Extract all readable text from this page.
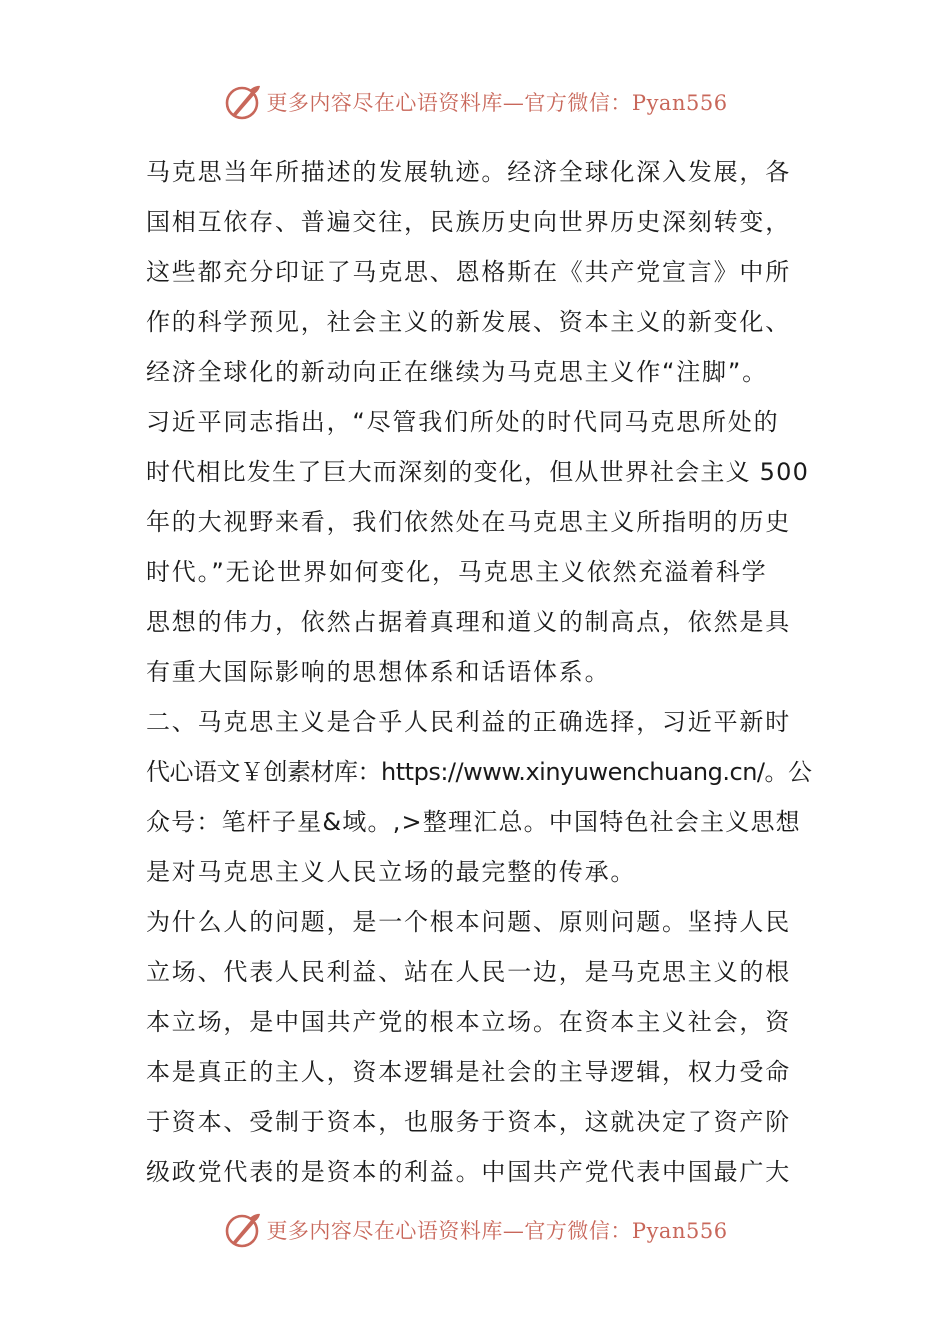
更多内容尽在心语资料库—官方微信：Pyan556
马克思当年所描述的发展轨迹。经济全球化深入发展，各
国相互依存、普遍交往，民族历史向世界历史深刻转变，
这些都充分印证了马克思、恩格斯在《共产党宣言》中所
作的科学预见，社会主义的新发展、资本主义的新变化、
经济全球化的新动向正在继续为马克思主义作“注脚”。
习近平同志指出，“尽管我们所处的时代同马克思所处的
时代相比发生了巨大而深刻的变化，但从世界社会主义 500
年的大视野来看，我们依然处在马克思主义所指明的历史
时代。”无论世界如何变化，马克思主义依然充溢着科学
思想的伟力，依然占据着真理和道义的制高点，依然是具
有重大国际影响的思想体系和话语体系。
二、马克思主义是合乎人民利益的正确选择，习近平新时
代心语文￥创素材库：https://www.xinyuwenchuang.cn/。公
众号：笔杆子星&域。,>整理汇总。中国特色社会主义思想
是对马克思主义人民立场的最完整的传承。
为什么人的问题，是一个根本问题、原则问题。坚持人民
立场、代表人民利益、站在人民一边，是马克思主义的根
本立场，是中国共产党的根本立场。在资本主义社会，资
本是真正的主人，资本逻辑是社会的主导逻辑，权力受命
于资本、受制于资本，也服务于资本，这就决定了资产阶
级政党代表的是资本的利益。中国共产党代表中国最广大
更多内容尽在心语资料库—官方微信：Pyan556
